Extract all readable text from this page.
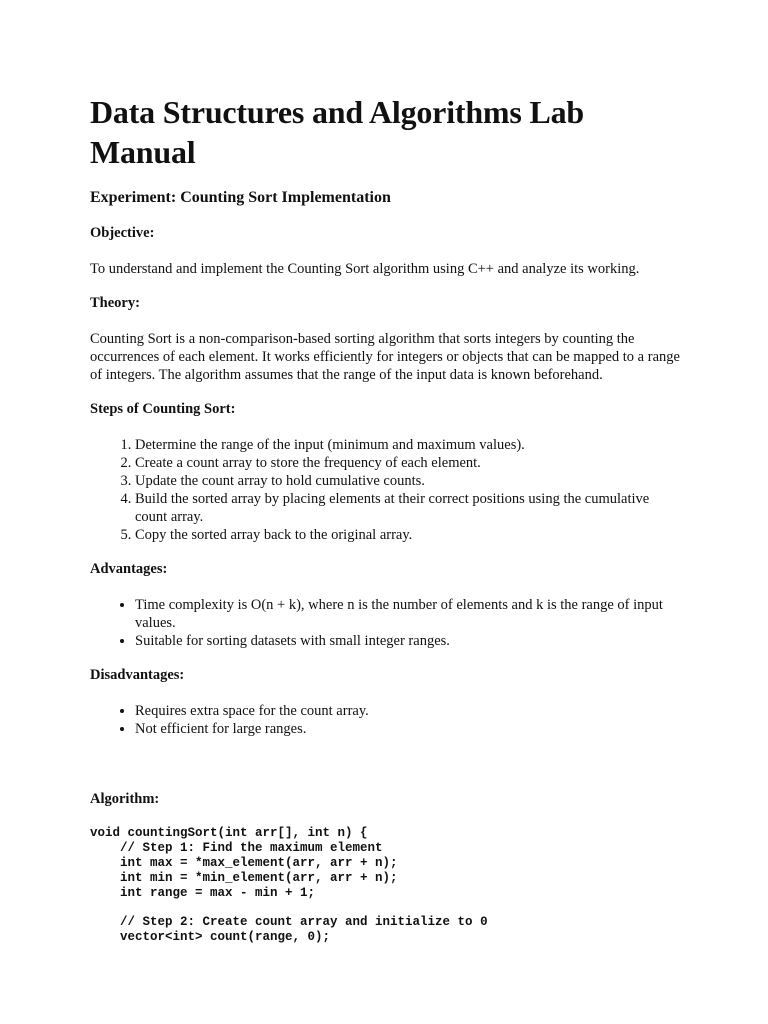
Data Structures and Algorithms Lab Manual
Experiment: Counting Sort Implementation
Objective:

To understand and implement the Counting Sort algorithm using C++ and analyze its working.

Theory:

Counting Sort is a non-comparison-based sorting algorithm that sorts integers by counting the occurrences of each element. It works efficiently for integers or objects that can be mapped to a range of integers. The algorithm assumes that the range of the input data is known beforehand.

Steps of Counting Sort:
1. Determine the range of the input (minimum and maximum values).
2. Create a count array to store the frequency of each element.
3. Update the count array to hold cumulative counts.
4. Build the sorted array by placing elements at their correct positions using the cumulative count array.
5. Copy the sorted array back to the original array.
Advantages:
• Time complexity is O(n + k), where n is the number of elements and k is the range of input values.
• Suitable for sorting datasets with small integer ranges.
Disadvantages:
• Requires extra space for the count array.
• Not efficient for large ranges.
Algorithm:
void countingSort(int arr[], int n) {
// Step 1: Find the maximum element
int max = *max_element(arr, arr + n);
int min = *min_element(arr, arr + n);
int range = max - min + 1;

// Step 2: Create count array and initialize to 0
vector<int> count(range, 0);
